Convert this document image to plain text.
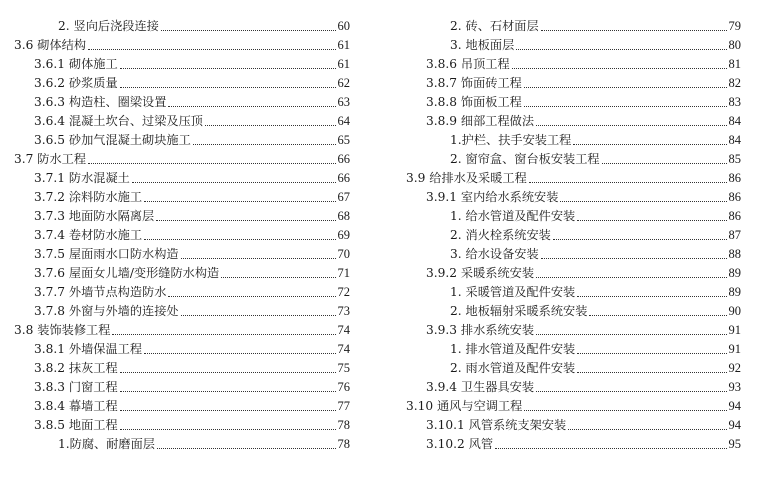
2. 竖向后浇段连接	60
3.6 砌体结构	61
3.6.1 砌体施工	61
3.6.2 砂浆质量	62
3.6.3 构造柱、圈梁设置	63
3.6.4 混凝土坎台、过梁及压顶	64
3.6.5 砂加气混凝土砌块施工	65
3.7 防水工程	66
3.7.1 防水混凝土	66
3.7.2 涂料防水施工	67
3.7.3 地面防水隔离层	68
3.7.4 卷材防水施工	69
3.7.5 屋面雨水口防水构造	70
3.7.6 屋面女儿墙/变形缝防水构造	71
3.7.7 外墙节点构造防水	72
3.7.8 外窗与外墙的连接处	73
3.8 装饰装修工程	74
3.8.1 外墙保温工程	74
3.8.2 抹灰工程	75
3.8.3 门窗工程	76
3.8.4 幕墙工程	77
3.8.5 地面工程	78
1.防腐、耐磨面层	78
2. 砖、石材面层	79
3. 地板面层	80
3.8.6 吊顶工程	81
3.8.7 饰面砖工程	82
3.8.8 饰面板工程	83
3.8.9 细部工程做法	84
1.护栏、扶手安装工程	84
2. 窗帘盒、窗台板安装工程	85
3.9 给排水及采暖工程	86
3.9.1 室内给水系统安装	86
1. 给水管道及配件安装	86
2. 消火栓系统安装	87
3. 给水设备安装	88
3.9.2 采暖系统安装	89
1. 采暖管道及配件安装	89
2. 地板辐射采暖系统安装	90
3.9.3 排水系统安装	91
1. 排水管道及配件安装	91
2. 雨水管道及配件安装	92
3.9.4 卫生器具安装	93
3.10 通风与空调工程	94
3.10.1 风管系统支架安装	94
3.10.2 风管	95
